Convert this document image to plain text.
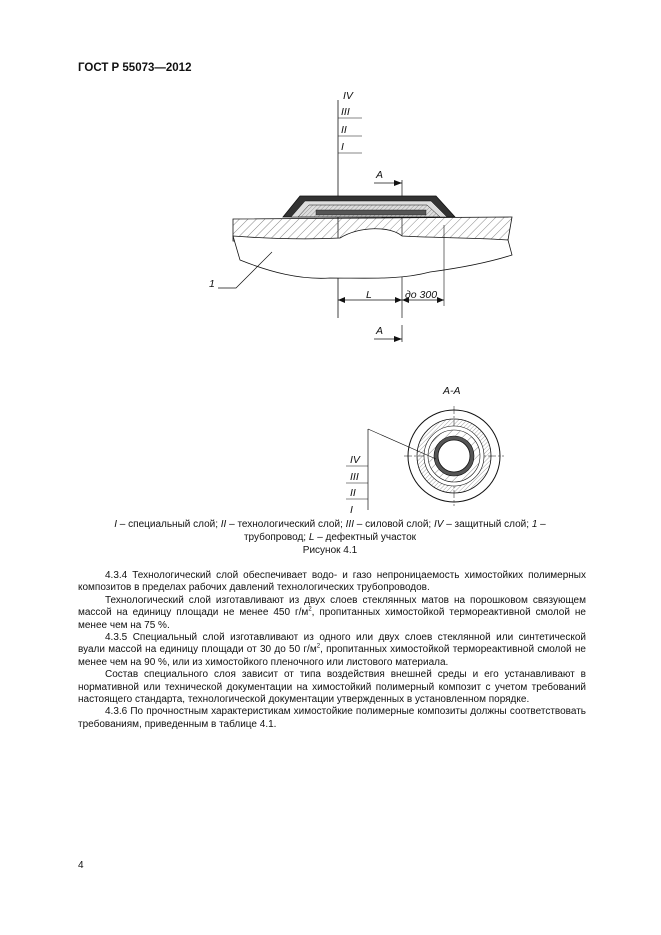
ГОСТ Р 55073—2012
IV
III
II
I
A
1
L	до 300
A
А-А
IV
III
II
I
I – специальный слой; II – технологический слой; III – силовой слой; IV – защитный слой; 1 –
трубопровод; L – дефектный участок
Рисунок 4.1

4.3.4 Технологический слой обеспечивает водо- и газо непроницаемость химостойких полимерных композитов в пределах рабочих давлений технологических трубопроводов.

Технологический слой изготавливают из двух слоев стеклянных матов на порошковом связующем массой на единицу площади не менее 450 $г/м^2$, пропитанных химостойкой термореактивной смолой не менее чем на 75 %.

4.3.5 Специальный слой изготавливают из одного или двух слоев стеклянной или синтетической вуали массой на единицу площади от 30 до 50 $г/м^2$, пропитанных химостойкой термореактивной смолой не менее чем на 90 %, или из химостойкого пленочного или листового материала.

Состав специального слоя зависит от типа воздействия внешней среды и его устанавливают в нормативной или технической документации на химостойкий полимерный композит с учетом требований настоящего стандарта, технологической документации утвержденных в установленном порядке.

4.3.6 По прочностным характеристикам химостойкие полимерные композиты должны соответствовать требованиям, приведенным в таблице 4.1.

4
